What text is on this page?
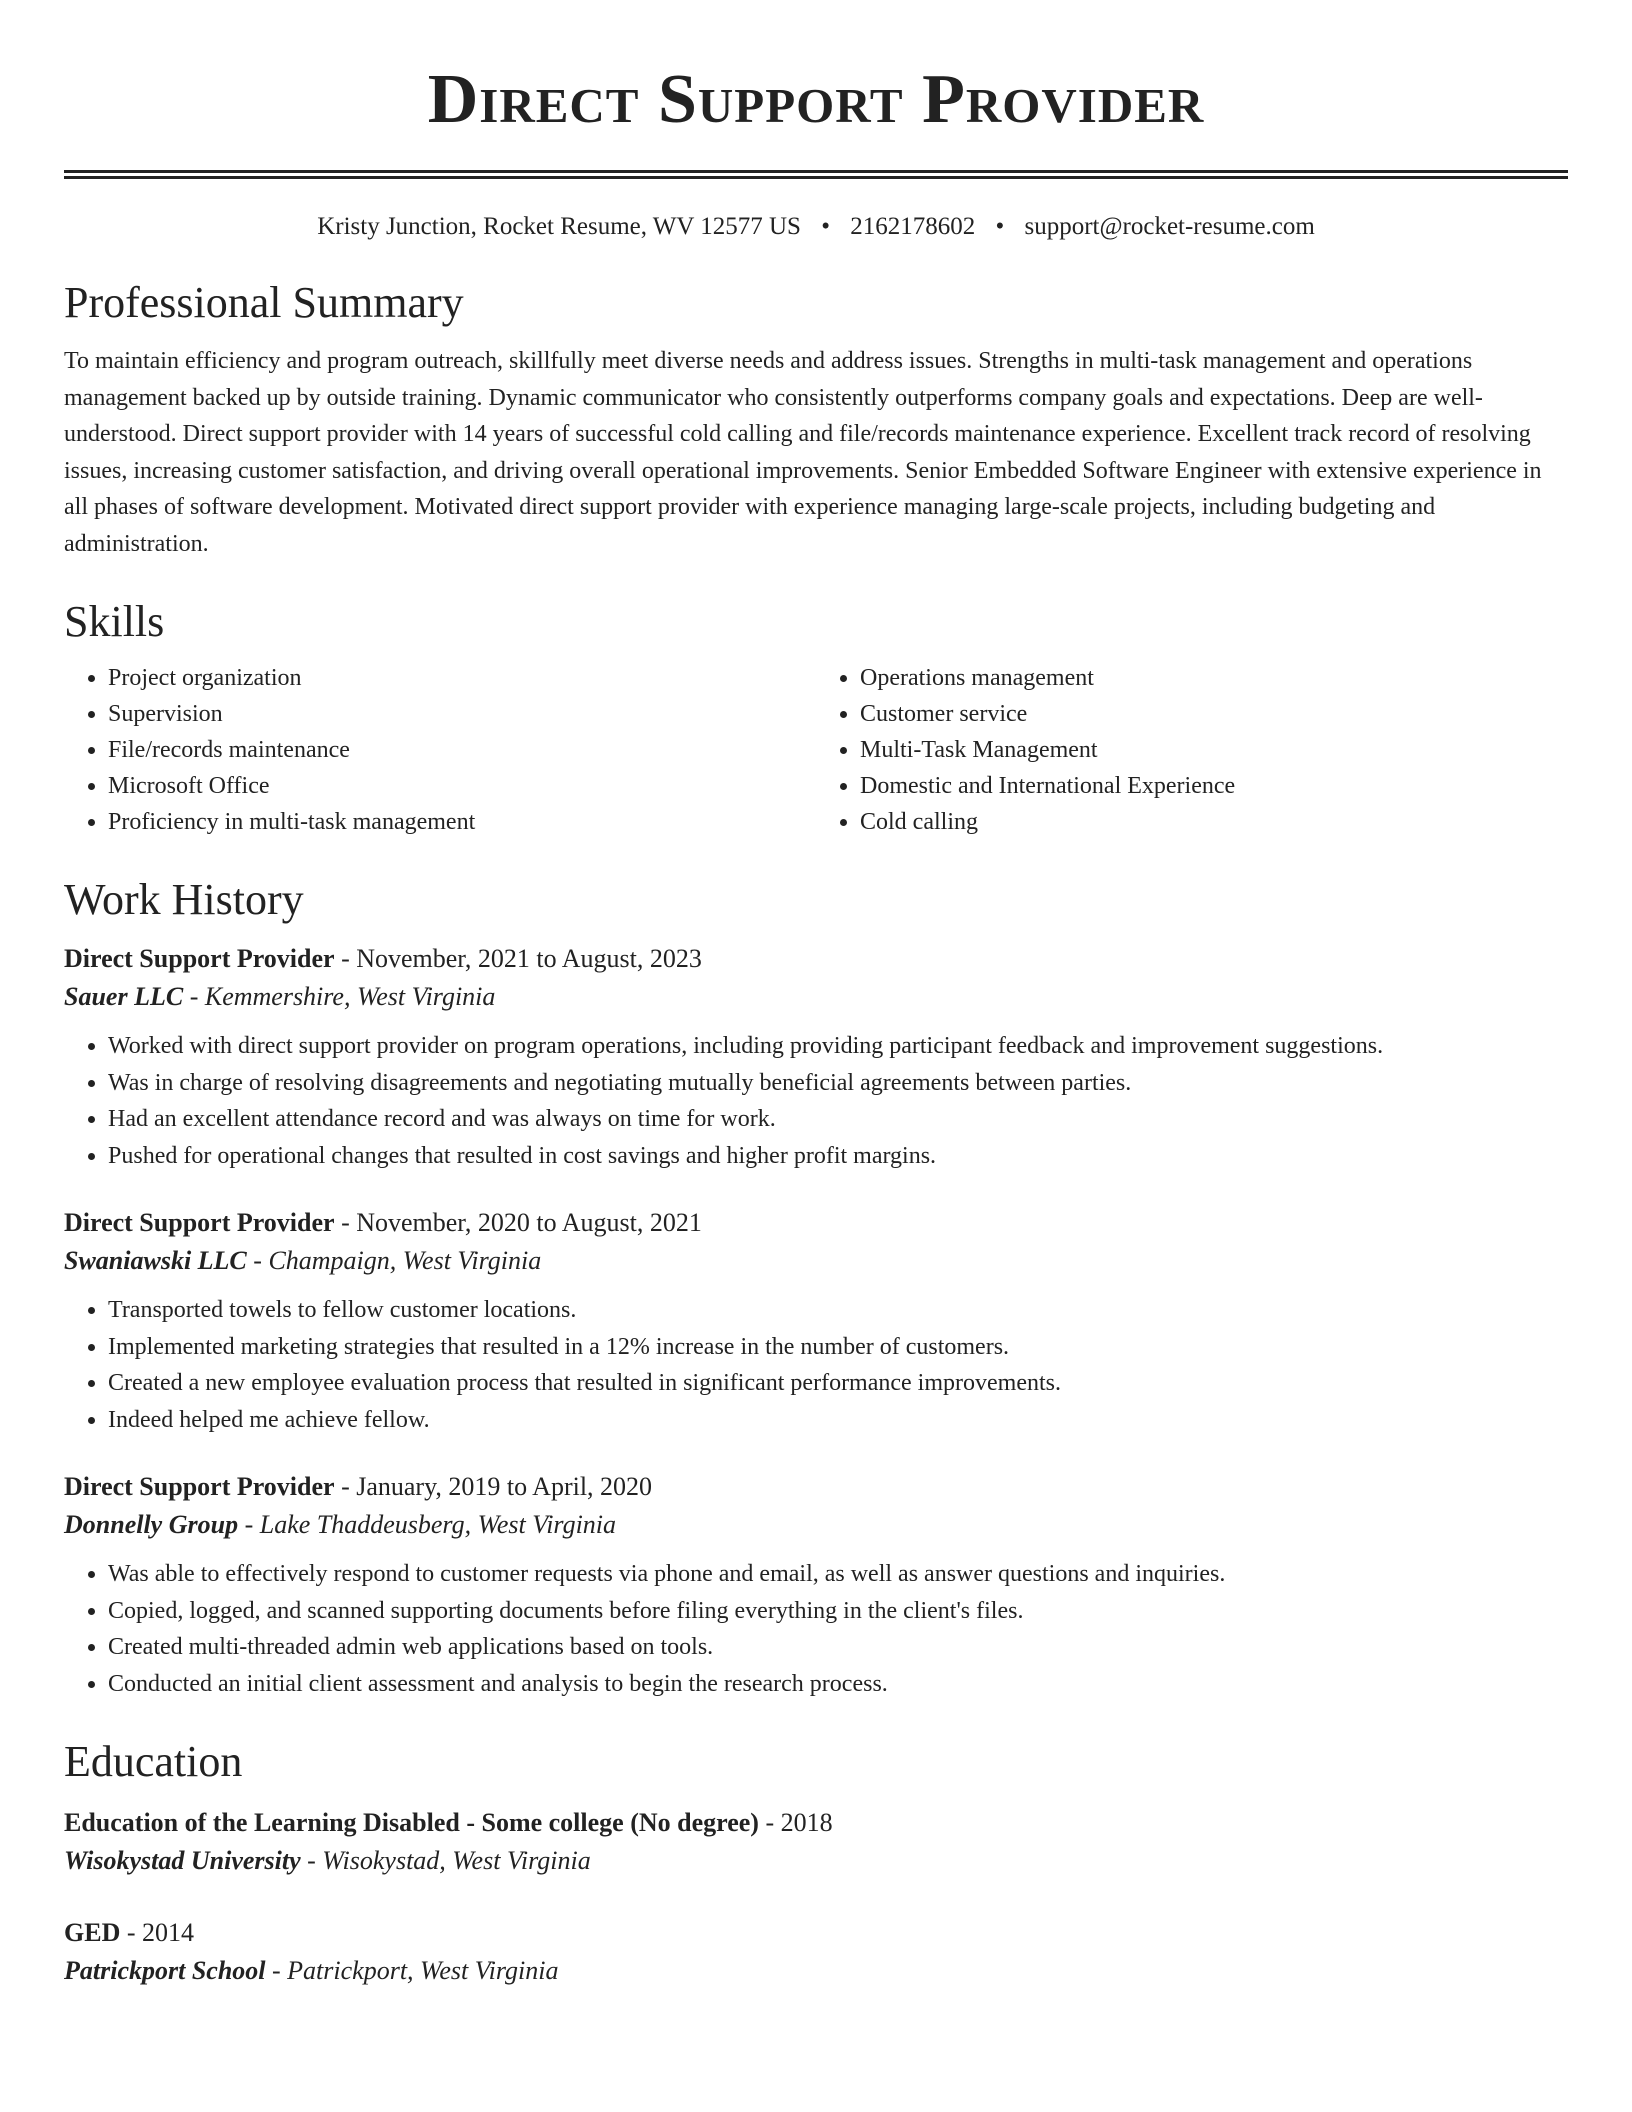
Direct Support Provider
Kristy Junction, Rocket Resume, WV 12577 US • 2162178602 • support@rocket-resume.com
Professional Summary
To maintain efficiency and program outreach, skillfully meet diverse needs and address issues. Strengths in multi-task management and operations management backed up by outside training. Dynamic communicator who consistently outperforms company goals and expectations. Deep are well-understood. Direct support provider with 14 years of successful cold calling and file/records maintenance experience. Excellent track record of resolving issues, increasing customer satisfaction, and driving overall operational improvements. Senior Embedded Software Engineer with extensive experience in all phases of software development. Motivated direct support provider with experience managing large-scale projects, including budgeting and administration.
Skills
• Project organization
• Supervision
• File/records maintenance
• Microsoft Office
• Proficiency in multi-task management
• Operations management
• Customer service
• Multi-Task Management
• Domestic and International Experience
• Cold calling
Work History
Direct Support Provider - November, 2021 to August, 2023
Sauer LLC - Kemmershire, West Virginia
• Worked with direct support provider on program operations, including providing participant feedback and improvement suggestions.
• Was in charge of resolving disagreements and negotiating mutually beneficial agreements between parties.
• Had an excellent attendance record and was always on time for work.
• Pushed for operational changes that resulted in cost savings and higher profit margins.
Direct Support Provider - November, 2020 to August, 2021
Swaniawski LLC - Champaign, West Virginia
• Transported towels to fellow customer locations.
• Implemented marketing strategies that resulted in a 12% increase in the number of customers.
• Created a new employee evaluation process that resulted in significant performance improvements.
• Indeed helped me achieve fellow.
Direct Support Provider - January, 2019 to April, 2020
Donnelly Group - Lake Thaddeusberg, West Virginia
• Was able to effectively respond to customer requests via phone and email, as well as answer questions and inquiries.
• Copied, logged, and scanned supporting documents before filing everything in the client's files.
• Created multi-threaded admin web applications based on tools.
• Conducted an initial client assessment and analysis to begin the research process.
Education
Education of the Learning Disabled - Some college (No degree) - 2018
Wisokystad University - Wisokystad, West Virginia
GED - 2014
Patrickport School - Patrickport, West Virginia
